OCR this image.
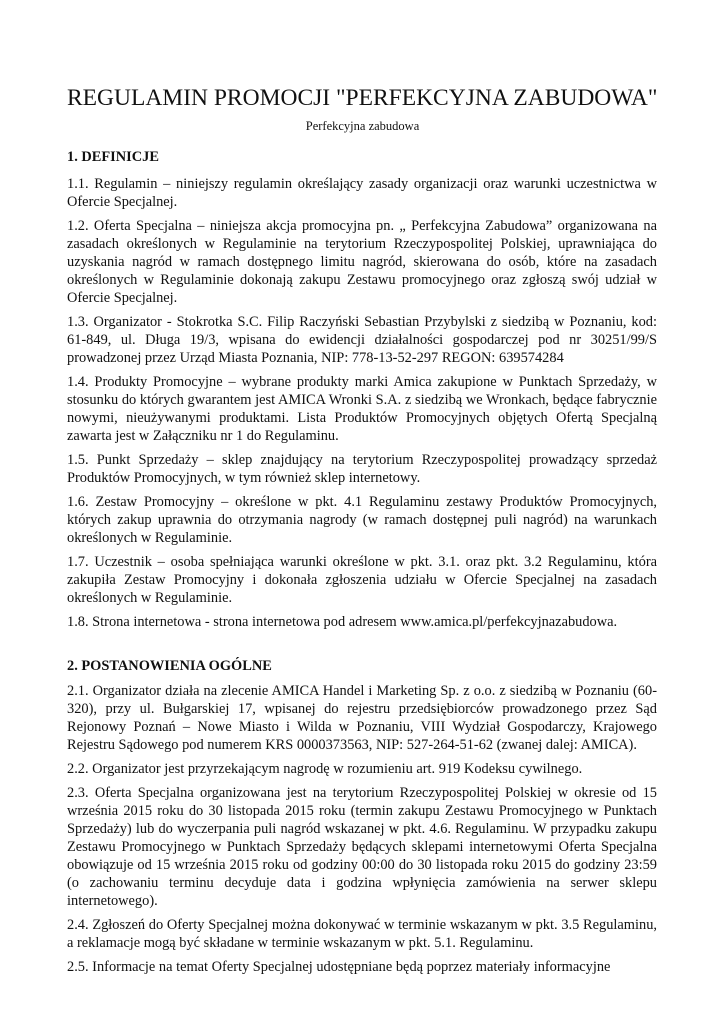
REGULAMIN PROMOCJI "PERFEKCYJNA ZABUDOWA"
Perfekcyjna zabudowa
1. DEFINICJE

1.1. Regulamin – niniejszy regulamin określający zasady organizacji oraz warunki uczestnictwa w Ofercie Specjalnej.

1.2. Oferta Specjalna – niniejsza akcja promocyjna pn. „ Perfekcyjna Zabudowa” organizowana na zasadach określonych w Regulaminie na terytorium Rzeczypospolitej Polskiej, uprawniająca do uzyskania nagród w ramach dostępnego limitu nagród, skierowana do osób, które na zasadach określonych w Regulaminie dokonają zakupu Zestawu promocyjnego oraz zgłoszą swój udział w Ofercie Specjalnej.

1.3. Organizator - Stokrotka S.C. Filip Raczyński Sebastian Przybylski z siedzibą w Poznaniu, kod: 61-849, ul. Długa 19/3, wpisana do ewidencji działalności gospodarczej pod nr 30251/99/S prowadzonej przez Urząd Miasta Poznania, NIP: 778-13-52-297 REGON: 639574284

1.4. Produkty Promocyjne – wybrane produkty marki Amica zakupione w Punktach Sprzedaży, w stosunku do których gwarantem jest AMICA Wronki S.A. z siedzibą we Wronkach, będące fabrycznie nowymi, nieużywanymi produktami. Lista Produktów Promocyjnych objętych Ofertą Specjalną zawarta jest w Załączniku nr 1 do Regulaminu.

1.5. Punkt Sprzedaży – sklep znajdujący na terytorium Rzeczypospolitej prowadzący sprzedaż Produktów Promocyjnych, w tym również sklep internetowy.

1.6. Zestaw Promocyjny – określone w pkt. 4.1 Regulaminu zestawy Produktów Promocyjnych, których zakup uprawnia do otrzymania nagrody (w ramach dostępnej puli nagród) na warunkach określonych w Regulaminie.

1.7. Uczestnik – osoba spełniająca warunki określone w pkt. 3.1. oraz pkt. 3.2 Regulaminu, która zakupiła Zestaw Promocyjny i dokonała zgłoszenia udziału w Ofercie Specjalnej na zasadach określonych w Regulaminie.

1.8. Strona internetowa - strona internetowa pod adresem www.amica.pl/perfekcyjnazabudowa.

2. POSTANOWIENIA OGÓLNE

2.1. Organizator działa na zlecenie AMICA Handel i Marketing Sp. z o.o. z siedzibą w Poznaniu (60-320), przy ul. Bułgarskiej 17, wpisanej do rejestru przedsiębiorców prowadzonego przez Sąd Rejonowy Poznań – Nowe Miasto i Wilda w Poznaniu, VIII Wydział Gospodarczy, Krajowego Rejestru Sądowego pod numerem KRS 0000373563, NIP: 527-264-51-62 (zwanej dalej: AMICA).

2.2. Organizator jest przyrzekającym nagrodę w rozumieniu art. 919 Kodeksu cywilnego.

2.3. Oferta Specjalna organizowana jest na terytorium Rzeczypospolitej Polskiej w okresie od 15 września 2015 roku do 30 listopada 2015 roku (termin zakupu Zestawu Promocyjnego w Punktach Sprzedaży) lub do wyczerpania puli nagród wskazanej w pkt. 4.6. Regulaminu. W przypadku zakupu Zestawu Promocyjnego w Punktach Sprzedaży będących sklepami internetowymi Oferta Specjalna obowiązuje od 15 września 2015 roku od godziny 00:00 do 30 listopada roku 2015 do godziny 23:59 (o zachowaniu terminu decyduje data i godzina wpłynięcia zamówienia na serwer sklepu internetowego).

2.4. Zgłoszeń do Oferty Specjalnej można dokonywać w terminie wskazanym w pkt. 3.5 Regulaminu, a reklamacje mogą być składane w terminie wskazanym w pkt. 5.1. Regulaminu.

2.5. Informacje na temat Oferty Specjalnej udostępniane będą poprzez materiały informacyjne
